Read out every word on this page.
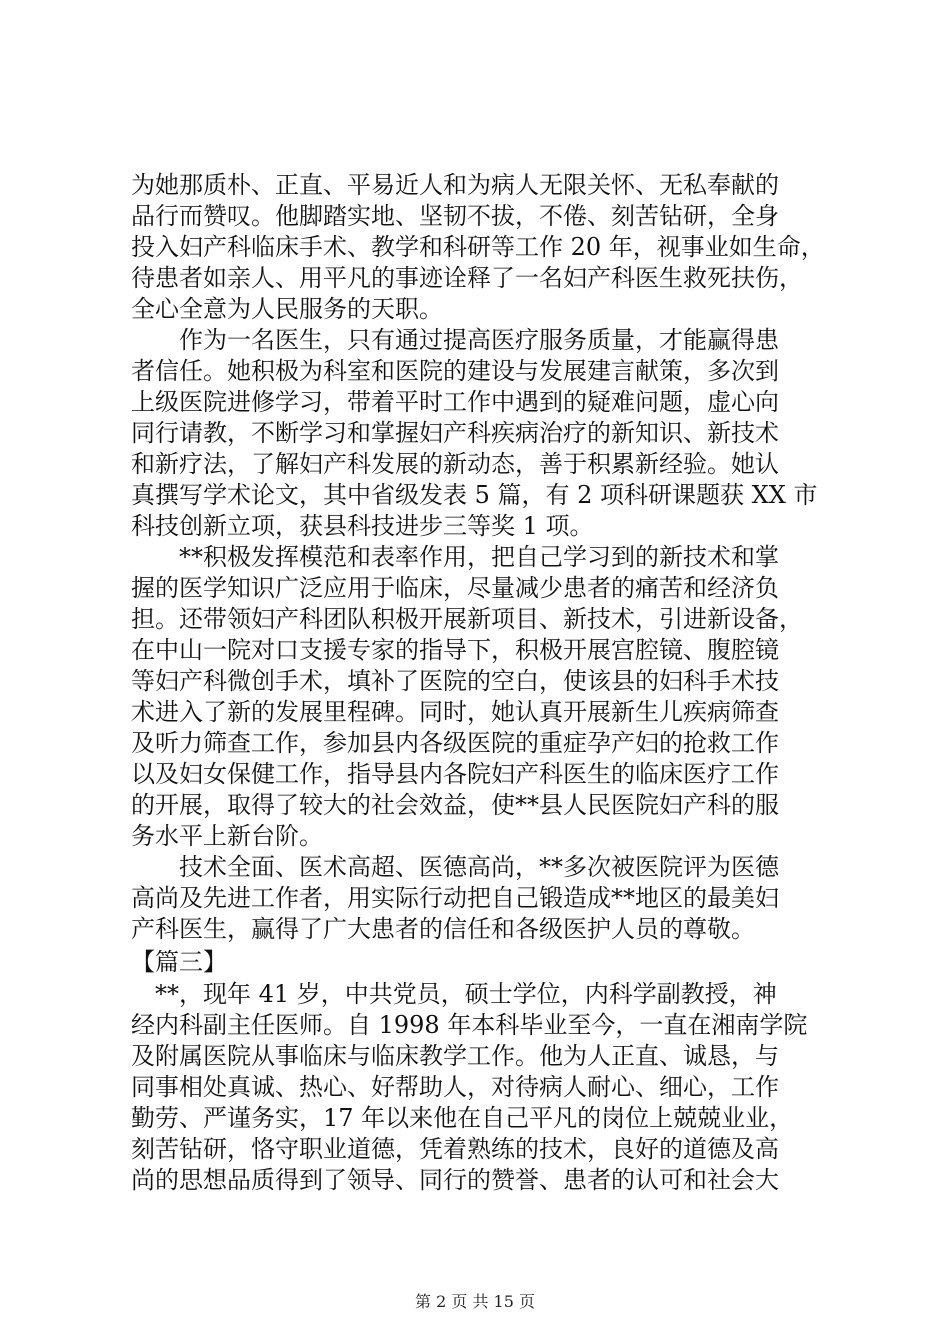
为她那质朴、正直、平易近人和为病人无限关怀、无私奉献的
品行而赞叹。他脚踏实地、坚韧不拔，不倦、刻苦钻研，全身
投入妇产科临床手术、教学和科研等工作 20 年，视事业如生命，
待患者如亲人、用平凡的事迹诠释了一名妇产科医生救死扶伤，
全心全意为人民服务的天职。
　　作为一名医生，只有通过提高医疗服务质量，才能赢得患
者信任。她积极为科室和医院的建设与发展建言献策，多次到
上级医院进修学习，带着平时工作中遇到的疑难问题，虚心向
同行请教，不断学习和掌握妇产科疾病治疗的新知识、新技术
和新疗法，了解妇产科发展的新动态，善于积累新经验。她认
真撰写学术论文，其中省级发表 5 篇，有 2 项科研课题获 XX 市
科技创新立项，获县科技进步三等奖 1 项。
　　**积极发挥模范和表率作用，把自己学习到的新技术和掌
握的医学知识广泛应用于临床，尽量减少患者的痛苦和经济负
担。还带领妇产科团队积极开展新项目、新技术，引进新设备，
在中山一院对口支援专家的指导下，积极开展宫腔镜、腹腔镜
等妇产科微创手术，填补了医院的空白，使该县的妇科手术技
术进入了新的发展里程碑。同时，她认真开展新生儿疾病筛查
及听力筛查工作，参加县内各级医院的重症孕产妇的抢救工作
以及妇女保健工作，指导县内各院妇产科医生的临床医疗工作
的开展，取得了较大的社会效益，使**县人民医院妇产科的服
务水平上新台阶。
　　技术全面、医术高超、医德高尚，**多次被医院评为医德
高尚及先进工作者，用实际行动把自己锻造成**地区的最美妇
产科医生，赢得了广大患者的信任和各级医护人员的尊敬。
【篇三】
　**，现年 41 岁，中共党员，硕士学位，内科学副教授，神
经内科副主任医师。自 1998 年本科毕业至今，一直在湘南学院
及附属医院从事临床与临床教学工作。他为人正直、诚恳，与
同事相处真诚、热心、好帮助人，对待病人耐心、细心，工作
勤劳、严谨务实，17 年以来他在自己平凡的岗位上兢兢业业，
刻苦钻研，恪守职业道德，凭着熟练的技术，良好的道德及高
尚的思想品质得到了领导、同行的赞誉、患者的认可和社会大
第 2 页 共 15 页
